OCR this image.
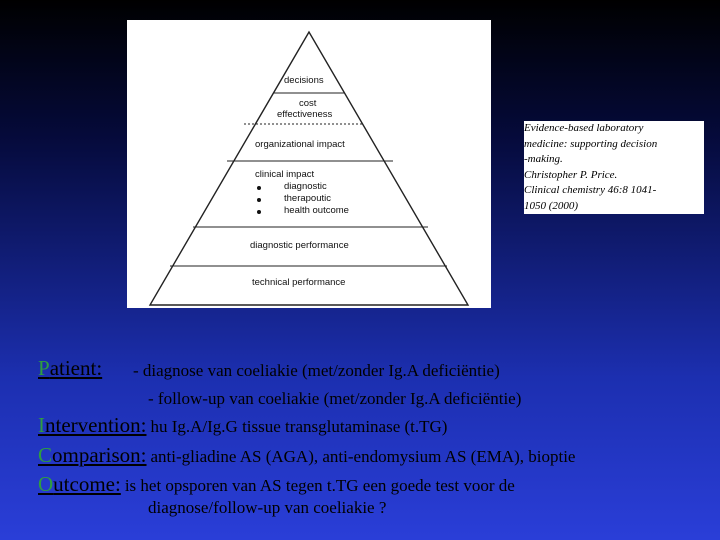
decisions
cost
effectiveness
organizational impact
clinical impact
diagnostic
therapoutic
health outcome
diagnostic performance
technical performance
Evidence-based laboratory
medicine: supporting decision
-making.
Christopher P. Price.
Clinical chemistry 46:8 1041-
1050 (2000)
Patient: - diagnose van coeliakie (met/zonder Ig.A deficiëntie)
- follow-up van coeliakie (met/zonder Ig.A deficiëntie)
Intervention: hu Ig.A/Ig.G tissue transglutaminase (t.TG)
Comparison: anti-gliadine AS (AGA), anti-endomysium AS (EMA), bioptie
Outcome: is het opsporen van AS tegen t.TG een goede test voor de
diagnose/follow-up van coeliakie ?
